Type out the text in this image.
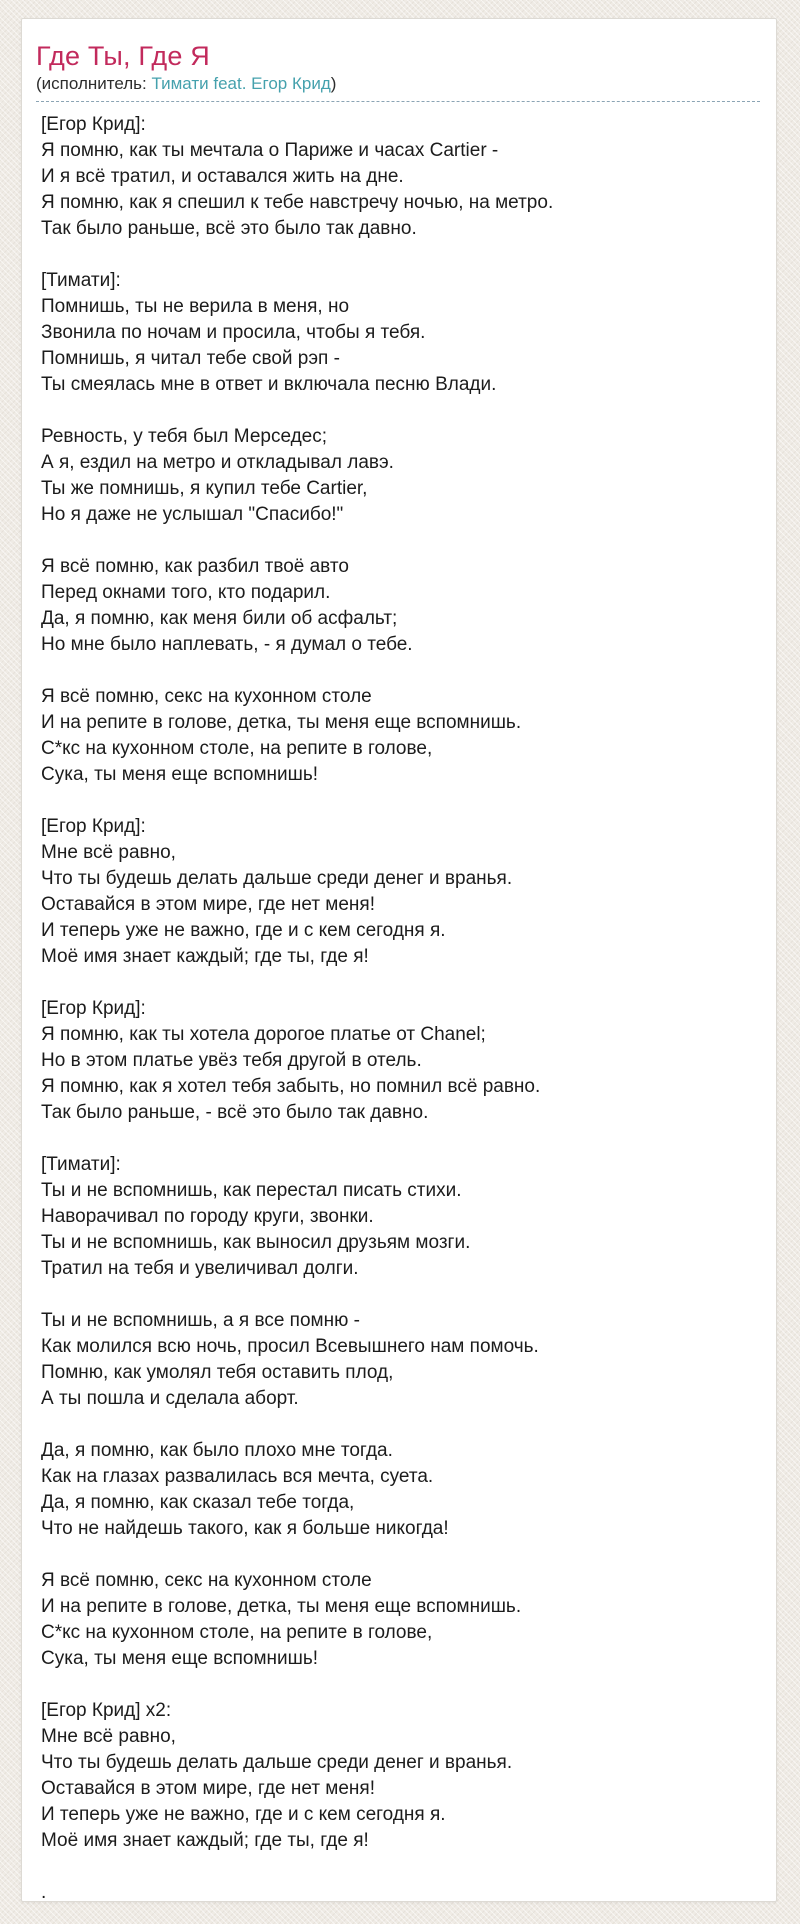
Где Ты, Где Я
(исполнитель: Тимати feat. Егор Крид)
[Егор Крид]:
Я помню, как ты мечтала о Париже и часах Cartier -
И я всё тратил, и оставался жить на дне.
Я помню, как я спешил к тебе навстречу ночью, на метро.
Так было раньше, всё это было так давно.
[Тимати]:
Помнишь, ты не верила в меня, но
Звонила по ночам и просила, чтобы я тебя.
Помнишь, я читал тебе свой рэп -
Ты смеялась мне в ответ и включала песню Влади.
Ревность, у тебя был Мерседес;
А я, ездил на метро и откладывал лавэ.
Ты же помнишь, я купил тебе Cartier,
Но я даже не услышал "Спасибо!"
Я всё помню, как разбил твоё авто
Перед окнами того, кто подарил.
Да, я помню, как меня били об асфальт;
Но мне было наплевать, - я думал о тебе.
Я всё помню, секс на кухонном столе
И на репите в голове, детка, ты меня еще вспомнишь.
С*кс на кухонном столе, на репите в голове,
Сука, ты меня еще вспомнишь!
[Егор Крид]:
Мне всё равно,
Что ты будешь делать дальше среди денег и вранья.
Оставайся в этом мире, где нет меня!
И теперь уже не важно, где и с кем сегодня я.
Моё имя знает каждый; где ты, где я!
[Егор Крид]:
Я помню, как ты хотела дорогое платье от Chanel;
Но в этом платье увёз тебя другой в отель.
Я помню, как я хотел тебя забыть, но помнил всё равно.
Так было раньше, - всё это было так давно.
[Тимати]:
Ты и не вспомнишь, как перестал писать стихи.
Наворачивал по городу круги, звонки.
Ты и не вспомнишь, как выносил друзьям мозги.
Тратил на тебя и увеличивал долги.
Ты и не вспомнишь, а я все помню -
Как молился всю ночь, просил Всевышнего нам помочь.
Помню, как умолял тебя оставить плод,
А ты пошла и сделала аборт.
Да, я помню, как было плохо мне тогда.
Как на глазах развалилась вся мечта, суета.
Да, я помню, как сказал тебе тогда,
Что не найдешь такого, как я больше никогда!
Я всё помню, секс на кухонном столе
И на репите в голове, детка, ты меня еще вспомнишь.
С*кс на кухонном столе, на репите в голове,
Сука, ты меня еще вспомнишь!
[Егор Крид] x2:
Мне всё равно,
Что ты будешь делать дальше среди денег и вранья.
Оставайся в этом мире, где нет меня!
И теперь уже не важно, где и с кем сегодня я.
Моё имя знает каждый; где ты, где я!
.
